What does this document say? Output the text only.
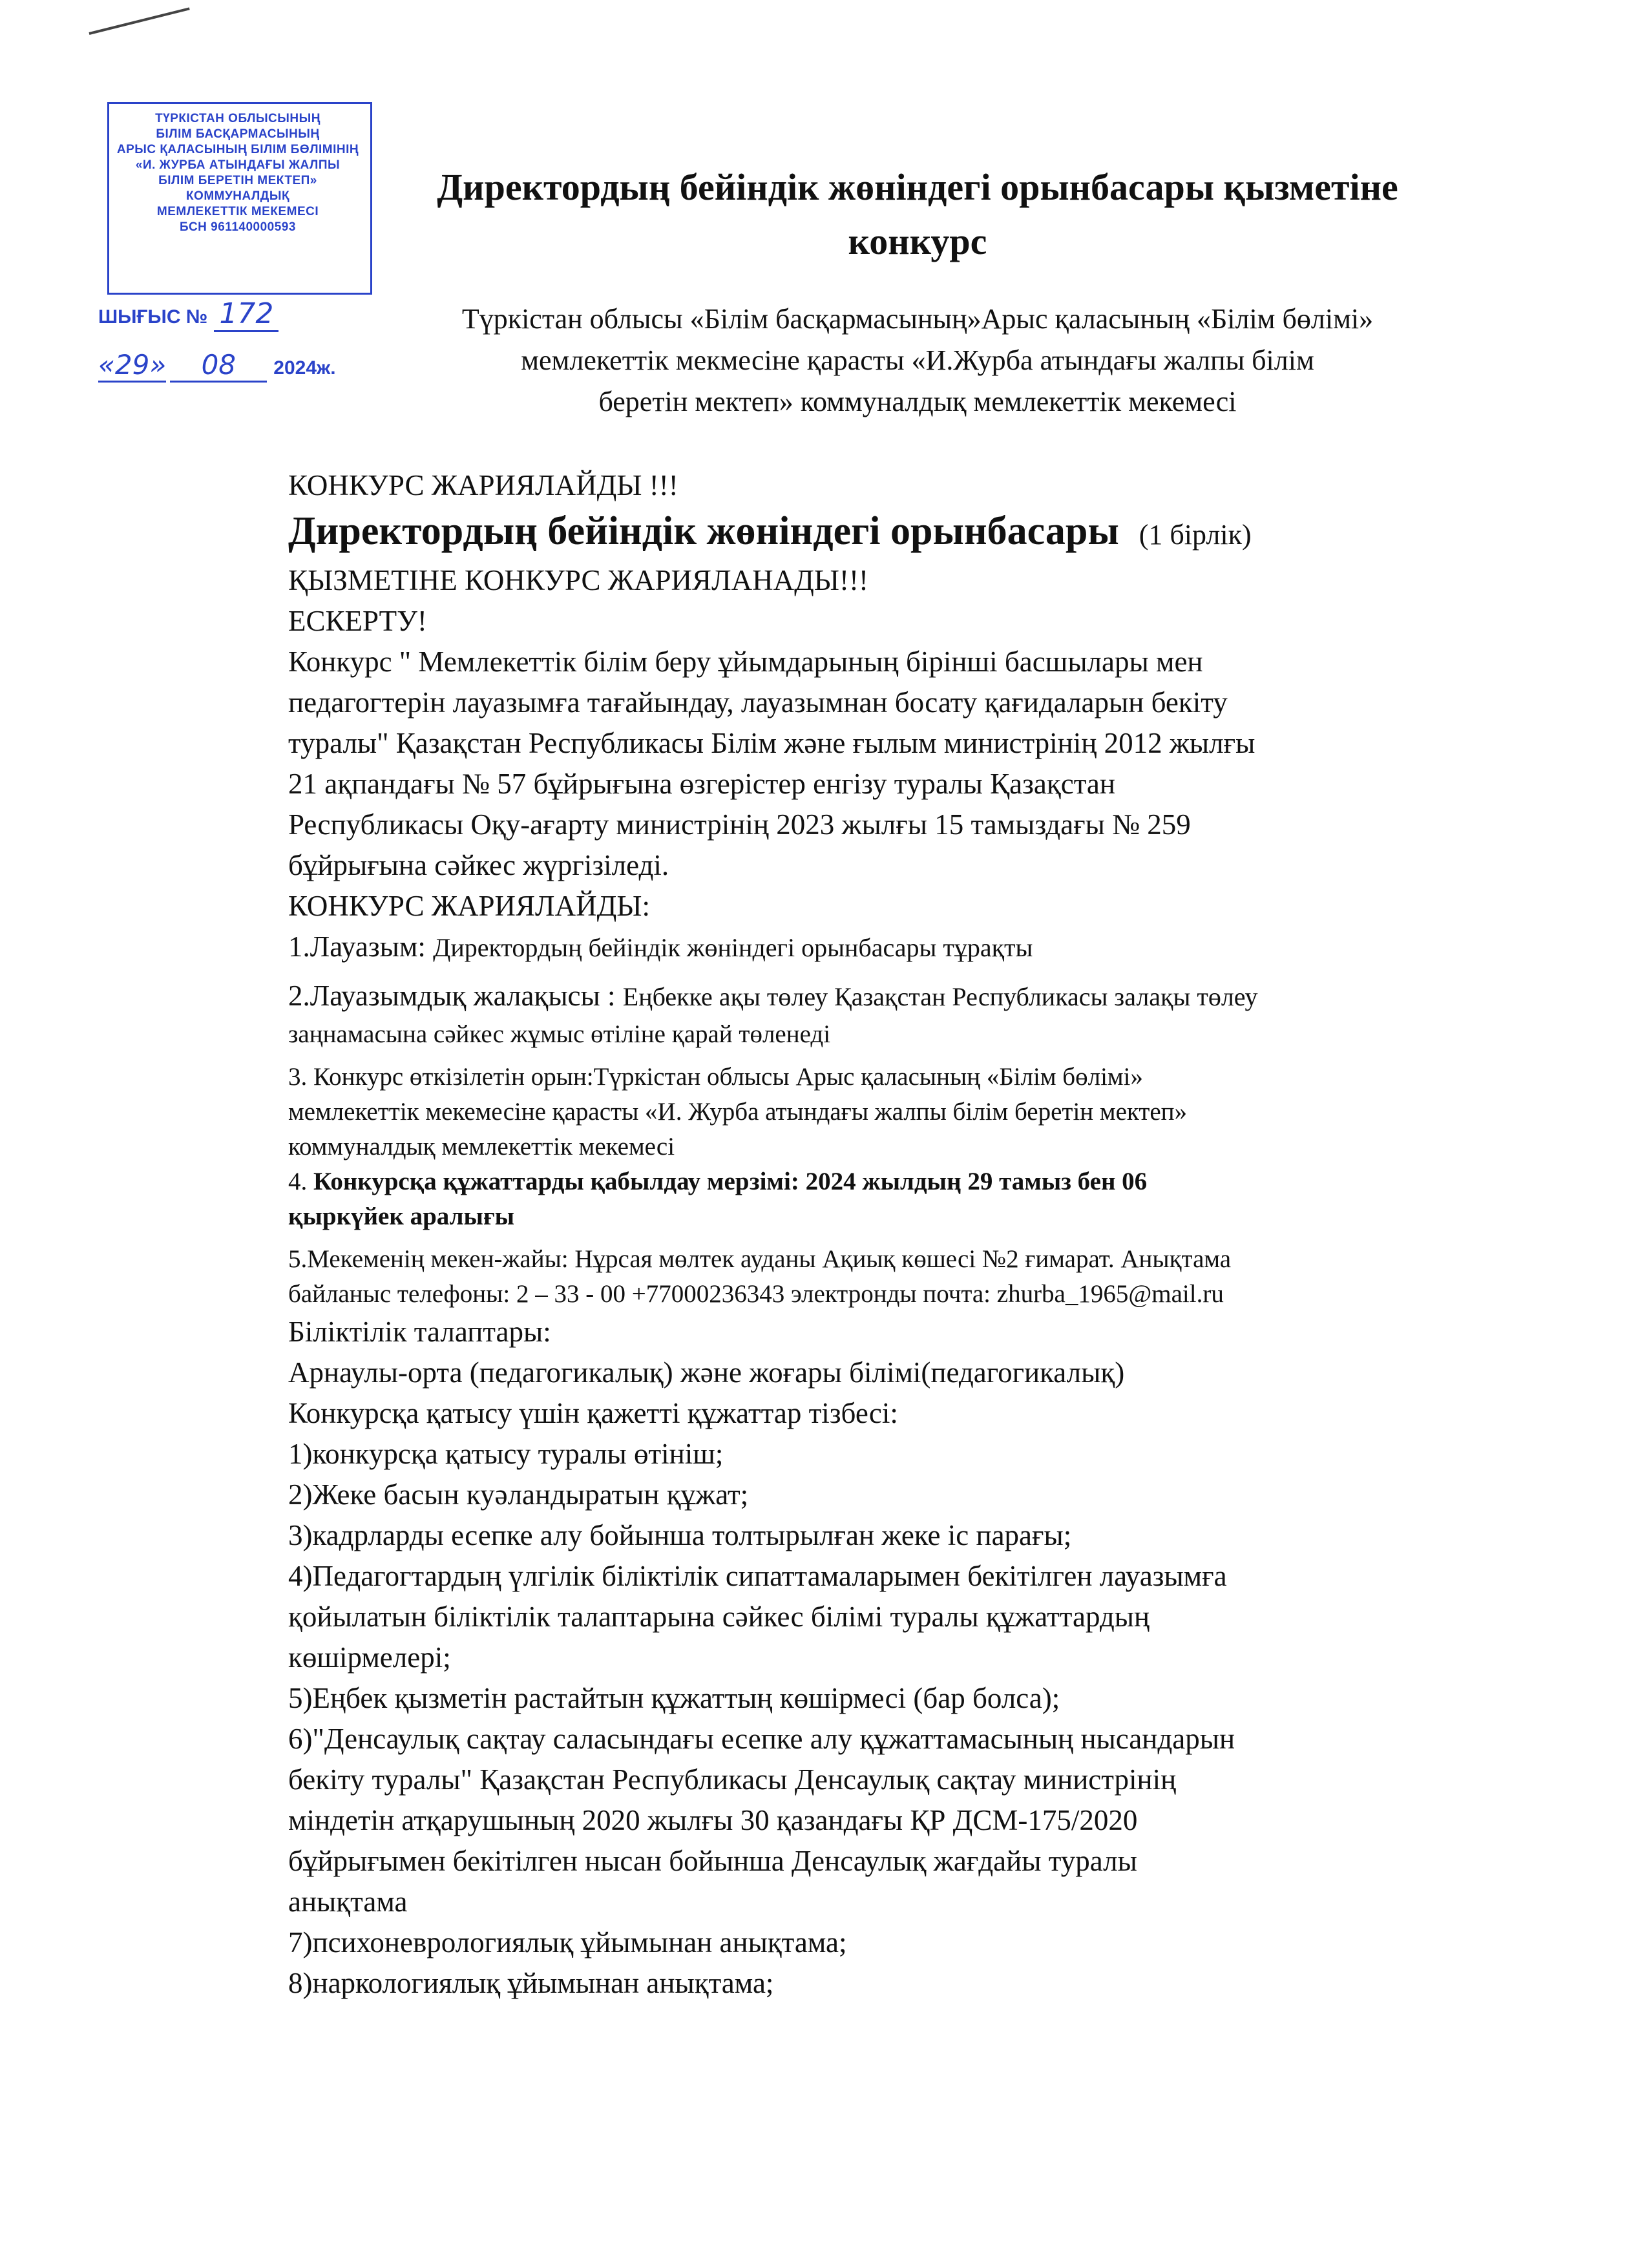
ТҮРКІСТАН ОБЛЫСЫНЫҢ
БІЛІМ БАСҚАРМАСЫНЫҢ
АРЫС ҚАЛАСЫНЫҢ БІЛІМ БӨЛІМІНІҢ
«И. ЖУРБА АТЫНДАҒЫ ЖАЛПЫ
БІЛІМ БЕРЕТІН МЕКТЕП»
КОММУНАЛДЫҚ
МЕМЛЕКЕТТІК МЕКЕМЕСІ
БСН 961140000593
ШЫҒЫС № 172
«29» 08 2024ж.
Директордың бейіндік жөніндегі орынбасары қызметіне
конкурс
Түркістан облысы «Білім басқармасының»Арыс қаласының «Білім бөлімі»
мемлекеттік мекмесіне қарасты «И.Журба атындағы жалпы білім
беретін мектеп» коммуналдық мемлекеттік мекемесі

КОНКУРС ЖАРИЯЛАЙДЫ !!!

Директордың бейіндік жөніндегі орынбасары (1 бірлік)

ҚЫЗМЕТІНЕ КОНКУРС ЖАРИЯЛАНАДЫ!!!

ЕСКЕРТУ!

Конкурс " Мемлекеттік білім беру ұйымдарының бірінші басшылары мен

педагогтерін лауазымға тағайындау, лауазымнан босату қағидаларын бекіту

туралы" Қазақстан Республикасы Білім және ғылым министрінің 2012 жылғы

21 ақпандағы № 57 бұйрығына өзгерістер енгізу туралы Қазақстан

Республикасы Оқу-ағарту министрінің 2023 жылғы 15 тамыздағы № 259

бұйрығына сәйкес жүргізіледі.

КОНКУРС ЖАРИЯЛАЙДЫ:

1.Лауазым: Директордың бейіндік жөніндегі орынбасары тұрақты

2.Лауазымдық жалақысы : Еңбекке ақы төлеу Қазақстан Республикасы залақы төлеу

заңнамасына сәйкес жұмыс өтіліне қарай төленеді

3. Конкурс өткізілетін орын:Түркістан облысы Арыс қаласының «Білім бөлімі»

мемлекеттік мекемесіне қарасты «И. Журба атындағы жалпы білім беретін мектеп»

коммуналдық мемлекеттік мекемесі

4. Конкурсқа құжаттарды қабылдау мерзімі: 2024 жылдың 29 тамыз бен 06

қыркүйек аралығы

5.Мекеменің мекен-жайы: Нұрсая мөлтек ауданы Ақиық көшесі №2 ғимарат. Анықтама

байланыс телефоны: 2 – 33 - 00 +77000236343 электронды почта: zhurba_1965@mail.ru

Біліктілік талаптары:

Арнаулы-орта (педагогикалық) және жоғары білімі(педагогикалық)

Конкурсқа қатысу үшін қажетті құжаттар тізбесі:

1)конкурсқа қатысу туралы өтініш;

2)Жеке басын куәландыратын құжат;

3)кадрларды есепке алу бойынша толтырылған жеке іс парағы;

4)Педагогтардың үлгілік біліктілік сипаттамаларымен бекітілген лауазымға

қойылатын біліктілік талаптарына сәйкес білімі туралы құжаттардың

көшірмелері;

5)Еңбек қызметін растайтын құжаттың көшірмесі (бар болса);

6)"Денсаулық сақтау саласындағы есепке алу құжаттамасының нысандарын

бекіту туралы" Қазақстан Республикасы Денсаулық сақтау министрінің

міндетін атқарушының 2020 жылғы 30 қазандағы ҚР ДСМ-175/2020

бұйрығымен бекітілген нысан бойынша Денсаулық жағдайы туралы

анықтама

7)психоневрологиялық ұйымынан анықтама;

8)наркологиялық ұйымынан анықтама;
